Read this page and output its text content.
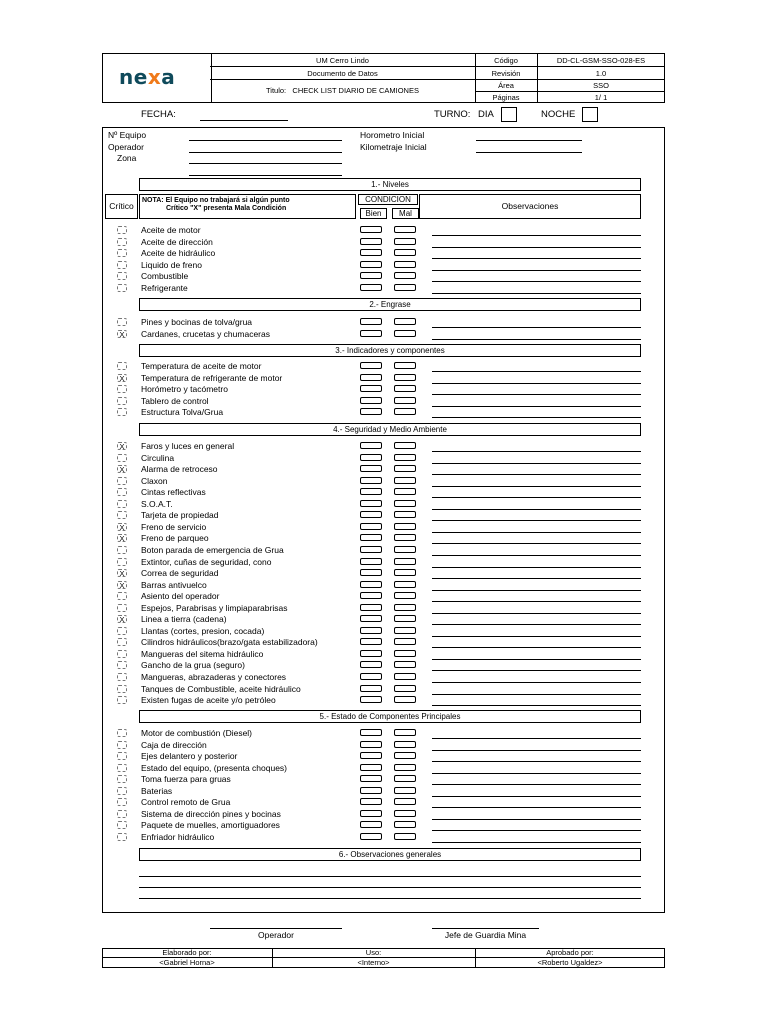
nexa
UM Cerro Lindo
Documento de Datos
Titulo: CHECK LIST DIARIO DE CAMIONES
Código	DD-CL-GSM-SSO-028-ES
Revisión	1.0
Área	SSO
Páginas	1/ 1
FECHA:	TURNO: DIA	NOCHE
Nº Equipo
Operador
Zona
Horometro Inicial
Kilometraje Inicial
Crítico
NOTA: El Equipo no trabajará si algún punto
Crítico "X" presenta Mala Condición
CONDICION
Bien	Mal
Observaciones
1.- Niveles
Aceite de motor
Aceite de dirección
Aceite de hidráulico
Liquido de freno
Combustible
Refrigerante
2.- Engrase
Pines y bocinas de tolva/grua
X Cardanes, crucetas y chumaceras
3.- Indicadores y componentes
Temperatura de aceite de motor
X Temperatura de refrigerante de motor
Horómetro y tacómetro
Tablero de control
Estructura Tolva/Grua
4.- Seguridad y Medio Ambiente
X Faros y luces en general
Circulina
X Alarma de retroceso
Claxon
Cintas reflectivas
S.O.A.T.
Tarjeta de propiedad
X Freno de servicio
X Freno de parqueo
Boton parada de emergencia de Grua
Extintor, cuñas de seguridad, cono
X Correa de seguridad
X Barras antivuelco
Asiento del operador
Espejos, Parabrisas y limpiaparabrisas
X Linea a tierra (cadena)
Llantas (cortes, presion, cocada)
Cilindros hidráulicos(brazo/gata estabilizadora)
Mangueras del sitema hidráulico
Gancho de la grua (seguro)
Mangueras, abrazaderas y conectores
Tanques de Combustible, aceite hidráulico
Existen fugas de aceite y/o petróleo
5.- Estado de Componentes Principales
Motor de combustión (Diesel)
Caja de dirección
Ejes delantero y posterior
Estado del equipo, (presenta choques)
Toma fuerza para gruas
Baterias
Control remoto de Grua
Sistema de dirección pines y bocinas
Paquete de muelles, amortiguadores
Enfriador hidráulico
6.- Observaciones generales
Operador	Jefe de Guardia Mina
Elaborado por:
<Gabriel Horna>
Uso:
<Interno>
Aprobado por:
<Roberto Ugaldez>
